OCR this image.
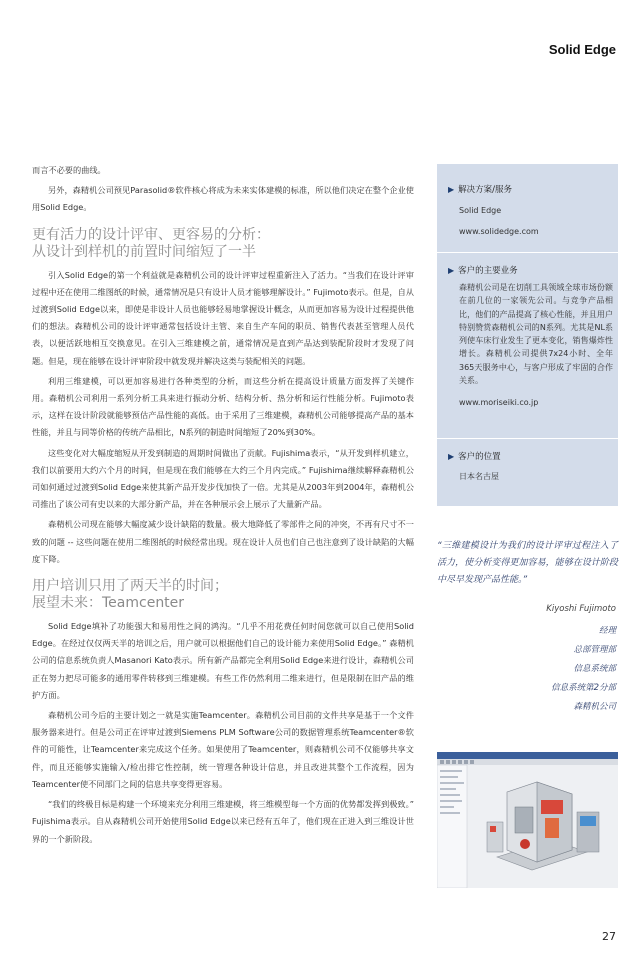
Solid Edge

而言不必要的曲线。

另外，森精机公司预见Parasolid®软件核心将成为未来实体建模的标准，所以他们决定在整个企业使用Solid Edge。

更有活力的设计评审、更容易的分析：
从设计到样机的前置时间缩短了一半

引入Solid Edge的第一个利益就是森精机公司的设计评审过程重新注入了活力。“当我们在设计评审过程中还在使用二维图纸的时候，通常情况是只有设计人员才能够理解设计。” Fujimoto表示。但是，自从过渡到Solid Edge以来，即使是非设计人员也能够轻易地掌握设计概念，从而更加容易为设计过程提供他们的想法。森精机公司的设计评审通常包括设计主管、来自生产车间的职员、销售代表甚至管理人员代表，以便活跃地相互交换意见。在引入三维建模之前，通常情况是直到产品达到装配阶段时才发现了问题。但是，现在能够在设计评审阶段中就发现并解决这类与装配相关的问题。

利用三维建模，可以更加容易进行各种类型的分析，而这些分析在提高设计质量方面发挥了关键作用。森精机公司利用一系列分析工具来进行振动分析、结构分析、热分析和运行性能分析。Fujimoto表示，这样在设计阶段就能够预估产品性能的高低。由于采用了三维建模，森精机公司能够提高产品的基本性能，并且与同等价格的传统产品相比，N系列的制造时间缩短了20%到30%。

这些变化对大幅度缩短从开发到制造的周期时间做出了贡献。Fujishima表示，“从开发到样机建立，我们以前要用大约六个月的时间，但是现在我们能够在大约三个月内完成。” Fujishima继续解释森精机公司如何通过过渡到Solid Edge来使其新产品开发步伐加快了一倍。尤其是从2003年到2004年，森精机公司推出了该公司有史以来的大部分新产品，并在各种展示会上展示了大量新产品。

森精机公司现在能够大幅度减少设计缺陷的数量。极大地降低了零部件之间的冲突，不再有尺寸不一致的问题 -- 这些问题在使用二维图纸的时候经常出现。现在设计人员也们自己也注意到了设计缺陷的大幅度下降。

用户培训只用了两天半的时间；
展望未来：Teamcenter

Solid Edge填补了功能强大和易用性之间的鸿沟。“几乎不用花费任何时间您就可以自己使用Solid Edge。在经过仅仅两天半的培训之后，用户就可以根据他们自己的设计能力来使用Solid Edge。” 森精机公司的信息系统负责人Masanori Kato表示。所有新产品都完全利用Solid Edge来进行设计，森精机公司正在努力把尽可能多的通用零件转移到三维建模。有些工作仍然利用二维来进行，但是限制在旧产品的维护方面。

森精机公司今后的主要计划之一就是实施Teamcenter。森精机公司目前的文件共享是基于一个文件服务器来进行。但是公司正在评审过渡到Siemens PLM Software公司的数据管理系统Teamcenter®软件的可能性，让Teamcenter来完成这个任务。如果使用了Teamcenter，则森精机公司不仅能够共享文件，而且还能够实施输入/检出排它性控制，统一管理各种设计信息，并且改进其整个工作流程，因为Teamcenter使不同部门之间的信息共享变得更容易。

“我们的终极目标是构建一个环境来充分利用三维建模，将三维模型每一个方面的优势都发挥到极致。” Fujishima表示。自从森精机公司开始使用Solid Edge以来已经有五年了，他们现在正进入到三维设计世界的一个新阶段。

▶ 解决方案/服务
Solid Edge
www.solidedge.com
▶ 客户的主要业务
森精机公司是在切削工具领域全球市场份额在前几位的一家领先公司。与竞争产品相比，他们的产品提高了核心性能，并且用户特别赞赏森精机公司的N系列。尤其是NL系列使车床行业发生了更本变化，销售爆炸性增长。森精机公司提供7x24小时、全年365天服务中心，与客户形成了牢固的合作关系。
www.moriseiki.co.jp
▶ 客户的位置
日本名古屋
“三维建模设计为我们的设计评审过程注入了活力，使分析变得更加容易，能够在设计阶段中尽早发现产品性能。”
Kiyoshi Fujimoto
经理
总部管理部
信息系统部
信息系统第2分部
森精机公司
27
